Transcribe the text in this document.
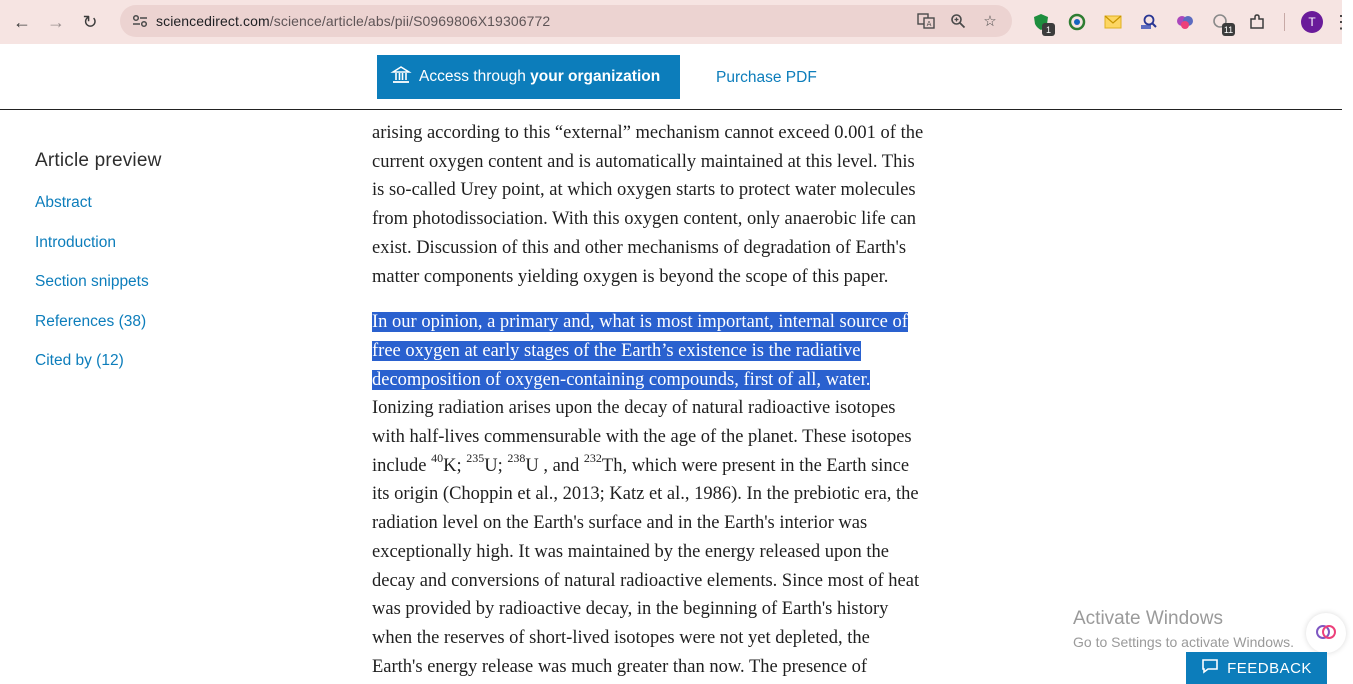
← → ↻	sciencedirect.com/science/article/abs/pii/S0969806X19306772	A	☆	1	11
T ⋮
Access through your organization	Purchase PDF
Article preview
Abstract
Introduction
Section snippets
References (38)
Cited by (12)

arising according to this “external” mechanism cannot exceed 0.001 of the
current oxygen content and is automatically maintained at this level. This
is so-called Urey point, at which oxygen starts to protect water molecules
from photodissociation. With this oxygen content, only anaerobic life can
exist. Discussion of this and other mechanisms of degradation of Earth's
matter components yielding oxygen is beyond the scope of this paper.

In our opinion, a primary and, what is most important, internal source of
free oxygen at early stages of the Earth’s existence is the radiative
decomposition of oxygen-containing compounds, first of all, water.
Ionizing radiation arises upon the decay of natural radioactive isotopes
with half-lives commensurable with the age of the planet. These isotopes
include $^{40}$K; $^{235}$U; $^{238}$U , and $^{232}$Th, which were present in the Earth since
its origin (Choppin et al., 2013; Katz et al., 1986). In the prebiotic era, the
radiation level on the Earth's surface and in the Earth's interior was
exceptionally high. It was maintained by the energy released upon the
decay and conversions of natural radioactive elements. Since most of heat
was provided by radioactive decay, in the beginning of Earth's history
when the reserves of short-lived isotopes were not yet depleted, the
Earth's energy release was much greater than now. The presence of

Activate Windows
Go to Settings to activate Windows.
FEEDBACK
